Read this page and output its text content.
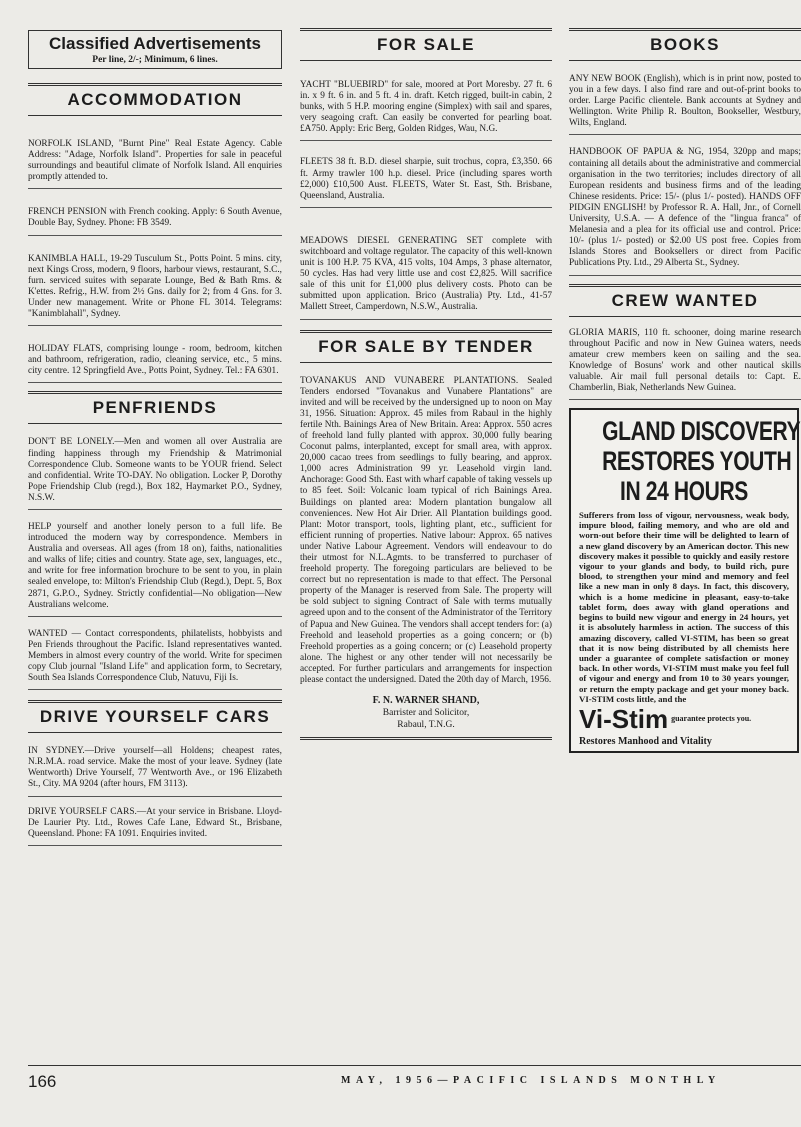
Classified Advertisements
Per line, 2/-; Minimum, 6 lines.
ACCOMMODATION

NORFOLK ISLAND, "Burnt Pine" Real Estate Agency. Cable Address: "Adage, Norfolk Island". Properties for sale in peaceful surroundings and beautiful climate of Norfolk Island. All enquiries promptly attended to.

FRENCH PENSION with French cooking. Apply: 6 South Avenue, Double Bay, Sydney. Phone: FB 3549.

KANIMBLA HALL, 19-29 Tusculum St., Potts Point. 5 mins. city, next Kings Cross, modern, 9 floors, harbour views, restaurant, S.C., furn. serviced suites with separate Lounge, Bed & Bath Rms. & K'ettes. Refrig., H.W. from 2½ Gns. daily for 2; from 4 Gns. for 3. Under new management. Write or Phone FL 3014. Telegrams: "Kanimblahall", Sydney.

HOLIDAY FLATS, comprising lounge - room, bedroom, kitchen and bathroom, refrigeration, radio, cleaning service, etc., 5 mins. city centre. 12 Springfield Ave., Potts Point, Sydney. Tel.: FA 6301.

PENFRIENDS

DON'T BE LONELY.—Men and women all over Australia are finding happiness through my Friendship & Matrimonial Correspondence Club. Someone wants to be YOUR friend. Select and confidential. Write TO-DAY. No obligation. Locker P, Dorothy Pope Friendship Club (regd.), Box 182, Haymarket P.O., Sydney, N.S.W.

HELP yourself and another lonely person to a full life. Be introduced the modern way by correspondence. Members in Australia and overseas. All ages (from 18 on), faiths, nationalities and walks of life; cities and country. State age, sex, languages, etc., and write for free information brochure to be sent to you, in plain sealed envelope, to: Milton's Friendship Club (Regd.), Dept. 5, Box 2871, G.P.O., Sydney. Strictly confidential—No obligation—New Australians welcome.

WANTED — Contact correspondents, philatelists, hobbyists and Pen Friends throughout the Pacific. Island representatives wanted. Members in almost every country of the world. Write for specimen copy Club journal "Island Life" and application form, to Secretary, South Sea Islands Correspondence Club, Natuvu, Fiji Is.

DRIVE YOURSELF CARS

IN SYDNEY.—Drive yourself—all Holdens; cheapest rates, N.R.M.A. road service. Make the most of your leave. Sydney (late Wentworth) Drive Yourself, 77 Wentworth Ave., or 196 Elizabeth St., City. MA 9204 (after hours, FM 3113).

DRIVE YOURSELF CARS.—At your service in Brisbane. Lloyd-De Laurier Pty. Ltd., Rowes Cafe Lane, Edward St., Brisbane, Queensland. Phone: FA 1091. Enquiries invited.

FOR SALE

YACHT "BLUEBIRD" for sale, moored at Port Moresby. 27 ft. 6 in. x 9 ft. 6 in. and 5 ft. 4 in. draft. Ketch rigged, built-in cabin, 2 bunks, with 5 H.P. mooring engine (Simplex) with sail and spares, very seagoing craft. Can easily be converted for pearling boat. £A750. Apply: Eric Berg, Golden Ridges, Wau, N.G.

FLEETS 38 ft. B.D. diesel sharpie, suit trochus, copra, £3,350. 66 ft. Army trawler 100 h.p. diesel. Price (including spares worth £2,000) £10,500 Aust. FLEETS, Water St. East, Sth. Brisbane, Queensland, Australia.

MEADOWS DIESEL GENERATING SET complete with switchboard and voltage regulator. The capacity of this well-known unit is 100 H.P. 75 KVA, 415 volts, 104 Amps, 3 phase alternator, 50 cycles. Has had very little use and cost £2,825. Will sacrifice sale of this unit for £1,000 plus delivery costs. Photo can be submitted upon application. Brico (Australia) Pty. Ltd., 41-57 Mallett Street, Camperdown, N.S.W., Australia.

FOR SALE BY TENDER

TOVANAKUS AND VUNABERE PLANTATIONS. Sealed Tenders endorsed "Tovanakus and Vunabere Plantations" are invited and will be received by the undersigned up to noon on May 31, 1956. Situation: Approx. 45 miles from Rabaul in the highly fertile Nth. Bainings Area of New Britain. Area: Approx. 550 acres of freehold land fully planted with approx. 30,000 fully bearing Coconut palms, interplanted, except for small area, with approx. 20,000 cacao trees from seedlings to fully bearing, and approx. 1,000 acres Administration 99 yr. Leasehold virgin land. Anchorage: Good Sth. East with wharf capable of taking vessels up to 85 feet. Soil: Volcanic loam typical of rich Bainings Area. Buildings on planted area: Modern plantation bungalow all conveniences. New Hot Air Drier. All Plantation buildings good. Plant: Motor transport, tools, lighting plant, etc., sufficient for efficient running of properties. Native labour: Approx. 65 natives under Native Labour Agreement. Vendors will endeavour to do their utmost for N.L.Agmts. to be transferred to purchaser of freehold property. The foregoing particulars are believed to be correct but no representation is made to that effect. The Personal property of the Manager is reserved from Sale. The property will be sold subject to signing Contract of Sale with terms mutually agreed upon and to the consent of the Administrator of the Territory of Papua and New Guinea. The vendors shall accept tenders for: (a) Freehold and leasehold properties as a going concern; or (b) Freehold properties as a going concern; or (c) Leasehold property alone. The highest or any other tender will not necessarily be accepted. For further particulars and arrangements for inspection please contact the undersigned. Dated the 20th day of March, 1956.

F. N. WARNER SHAND,
Barrister and Solicitor,
Rabaul, T.N.G.
BOOKS

ANY NEW BOOK (English), which is in print now, posted to you in a few days. I also find rare and out-of-print books to order. Large Pacific clientele. Bank accounts at Sydney and Wellington. Write Philip R. Boulton, Bookseller, Westbury, Wilts, England.

HANDBOOK OF PAPUA & NG, 1954, 320pp and maps; containing all details about the administrative and commercial organisation in the two territories; includes directory of all European residents and business firms and of the leading Chinese residents. Price: 15/- (plus 1/- posted). HANDS OFF PIDGIN ENGLISH! by Professor R. A. Hall, Jnr., of Cornell University, U.S.A. — A defence of the "lingua franca" of Melanesia and a plea for its official use and control. Price: 10/- (plus 1/- posted) or $2.00 US post free. Copies from Islands Stores and Booksellers or direct from Pacific Publications Pty. Ltd., 29 Alberta St., Sydney.

CREW WANTED

GLORIA MARIS, 110 ft. schooner, doing marine research throughout Pacific and now in New Guinea waters, needs amateur crew members keen on sailing and the sea. Knowledge of Bosuns' work and other nautical skills valuable. Air mail full personal details to: Capt. E. Chamberlin, Biak, Netherlands New Guinea.

GLAND DISCOVERY
RESTORES YOUTH
IN 24 HOURS
Sufferers from loss of vigour, nervousness, weak body, impure blood, failing memory, and who are old and worn-out before their time will be delighted to learn of a new gland discovery by an American doctor. This new discovery makes it possible to quickly and easily restore vigour to your glands and body, to build rich, pure blood, to strengthen your mind and memory and feel like a new man in only 8 days. In fact, this discovery, which is a home medicine in pleasant, easy-to-take tablet form, does away with gland operations and begins to build new vigour and energy in 24 hours, yet it is absolutely harmless in action. The success of this amazing discovery, called VI-STIM, has been so great that it is now being distributed by all chemists here under a guarantee of complete satisfaction or money back. In other words, VI-STIM must make you feel full of vigour and energy and from 10 to 30 years younger, or return the empty package and get your money back. VI-STIM costs little, and the
Vi-Stim guarantee protects you.
Restores Manhood and Vitality
166	MAY, 1956—PACIFIC ISLANDS MONTHLY
